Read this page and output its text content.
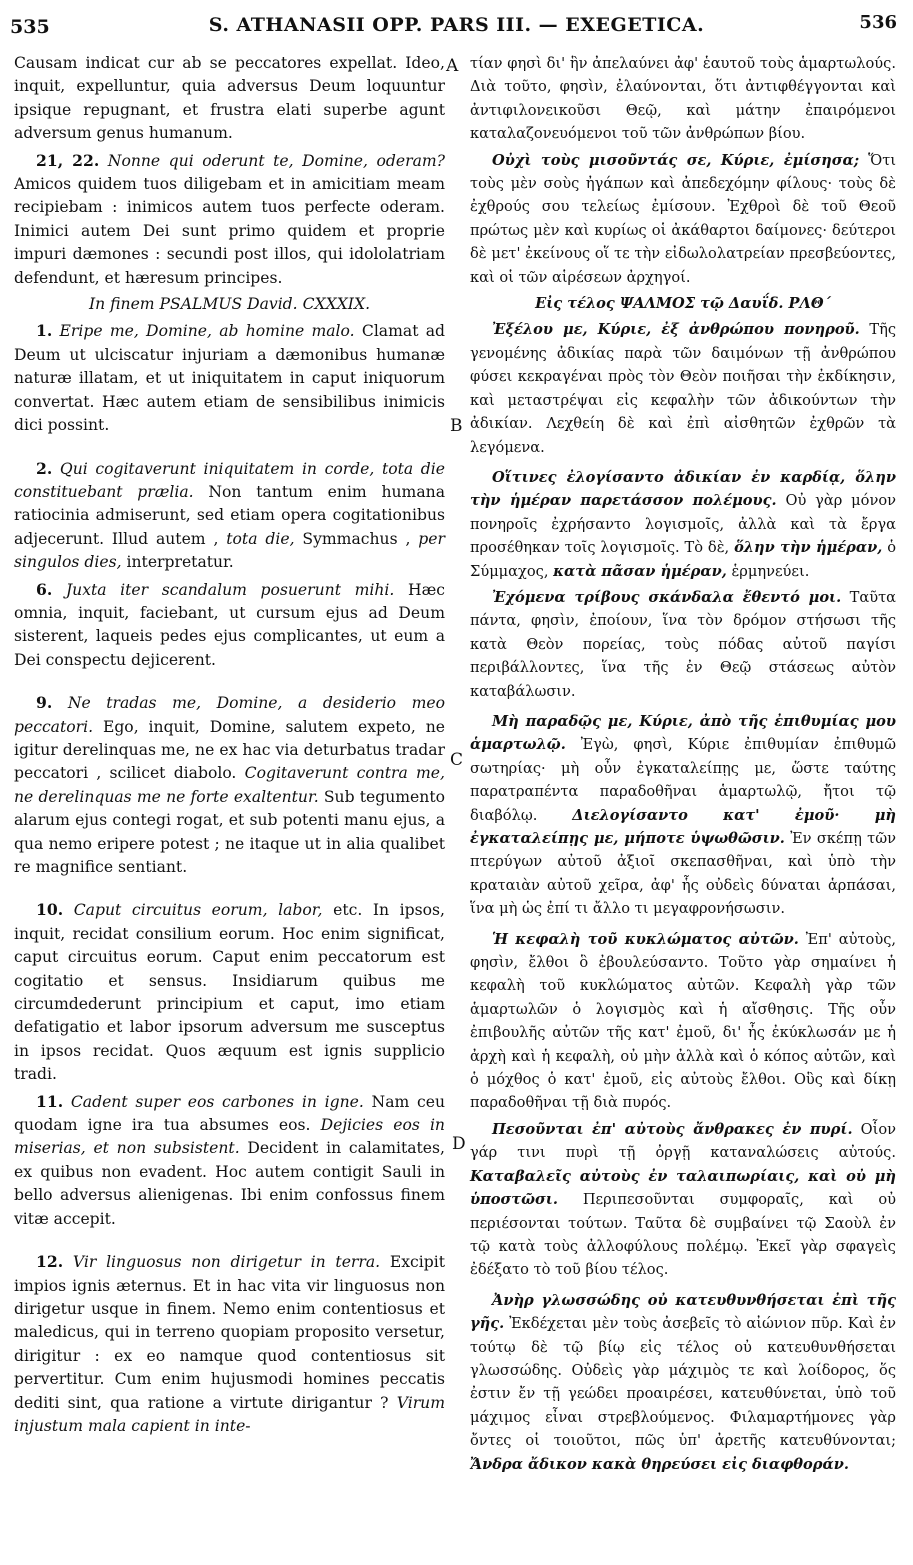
535	S. ATHANASII OPP. PARS III. — EXEGETICA.	536
A
B
C
D

Causam indicat cur ab se peccatores expellat. Ideo, inquit, expelluntur, quia adversus Deum loquuntur ipsique repugnant, et frustra elati superbe agunt adversum genus humanum.

21, 22. Nonne qui oderunt te, Domine, oderam? Amicos quidem tuos diligebam et in amicitiam meam recipiebam : inimicos autem tuos perfecte oderam. Inimici autem Dei sunt primo quidem et proprie impuri dæmones : secundi post illos, qui idololatriam defendunt, et hæresum principes.

In finem PSALMUS David. CXXXIX.

1. Eripe me, Domine, ab homine malo. Clamat ad Deum ut ulciscatur injuriam a dæmonibus humanæ naturæ illatam, et ut iniquitatem in caput iniquorum convertat. Hæc autem etiam de sensibilibus inimicis dici possint.

2. Qui cogitaverunt iniquitatem in corde, tota die constituebant prælia. Non tantum enim humana ratiocinia admiserunt, sed etiam opera cogitationibus adjecerunt. Illud autem , tota die, Symmachus , per singulos dies, interpretatur.

6. Juxta iter scandalum posuerunt mihi. Hæc omnia, inquit, faciebant, ut cursum ejus ad Deum sisterent, laqueis pedes ejus complicantes, ut eum a Dei conspectu dejicerent.

9. Ne tradas me, Domine, a desiderio meo peccatori. Ego, inquit, Domine, salutem expeto, ne igitur derelinquas me, ne ex hac via deturbatus tradar peccatori , scilicet diabolo. Cogitaverunt contra me, ne derelinquas me ne forte exaltentur. Sub tegumento alarum ejus contegi rogat, et sub potenti manu ejus, a qua nemo eripere potest ; ne itaque ut in alia qualibet re magnifice sentiant.

10. Caput circuitus eorum, labor, etc. In ipsos, inquit, recidat consilium eorum. Hoc enim significat, caput circuitus eorum. Caput enim peccatorum est cogitatio et sensus. Insidiarum quibus me circumdederunt principium et caput, imo etiam defatigatio et labor ipsorum adversum me susceptus in ipsos recidat. Quos æquum est ignis supplicio tradi.

11. Cadent super eos carbones in igne. Nam ceu quodam igne ira tua absumes eos. Dejicies eos in miserias, et non subsistent. Decident in calamitates, ex quibus non evadent. Hoc autem contigit Sauli in bello adversus alienigenas. Ibi enim confossus finem vitæ accepit.

12. Vir linguosus non dirigetur in terra. Excipit impios ignis æternus. Et in hac vita vir linguosus non dirigetur usque in finem. Nemo enim contentiosus et maledicus, qui in terreno quopiam proposito versetur, dirigitur : ex eo namque quod contentiosus sit pervertitur. Cum enim hujusmodi homines peccatis dediti sint, qua ratione a virtute dirigantur ? Virum injustum mala capient in inte-

τίαν φησὶ δι' ἣν ἀπελαύνει ἀφ' ἑαυτοῦ τοὺς ἁμαρτωλούς. Διὰ τοῦτο, φησὶν, ἐλαύνονται, ὅτι ἀντιφθέγγονται καὶ ἀντιφιλονεικοῦσι Θεῷ, καὶ μάτην ἐπαιρόμενοι καταλαζονευόμενοι τοῦ τῶν ἀνθρώπων βίου.

Οὐχὶ τοὺς μισοῦντάς σε, Κύριε, ἐμίσησα; Ὅτι τοὺς μὲν σοὺς ἠγάπων καὶ ἀπεδεχόμην φίλους· τοὺς δὲ ἐχθρούς σου τελείως ἐμίσουν. Ἐχθροὶ δὲ τοῦ Θεοῦ πρώτως μὲν καὶ κυρίως οἱ ἀκάθαρτοι δαίμονες· δεύτεροι δὲ μετ' ἐκείνους οἵ τε τὴν εἰδωλολατρείαν πρεσβεύοντες, καὶ οἱ τῶν αἱρέσεων ἀρχηγοί.

Εἰς τέλος ΨΑΛΜΟΣ τῷ Δαυΐδ. ΡΛΘ´

Ἐξέλου με, Κύριε, ἐξ ἀνθρώπου πονηροῦ. Τῆς γενομένης ἀδικίας παρὰ τῶν δαιμόνων τῇ ἀνθρώπου φύσει κεκραγέναι πρὸς τὸν Θεὸν ποιῆσαι τὴν ἐκδίκησιν, καὶ μεταστρέψαι εἰς κεφαλὴν τῶν ἀδικούντων τὴν ἀδικίαν. Λεχθείη δὲ καὶ ἐπὶ αἰσθητῶν ἐχθρῶν τὰ λεγόμενα.

Οἵτινες ἐλογίσαντο ἀδικίαν ἐν καρδίᾳ, ὅλην τὴν ἡμέραν παρετάσσον πολέμους. Οὐ γὰρ μόνον πονηροῖς ἐχρήσαντο λογισμοῖς, ἀλλὰ καὶ τὰ ἔργα προσέθηκαν τοῖς λογισμοῖς. Τὸ δὲ, ὅλην τὴν ἡμέραν, ὁ Σύμμαχος, κατὰ πᾶσαν ἡμέραν, ἑρμηνεύει.

Ἐχόμενα τρίβους σκάνδαλα ἔθεντό μοι. Ταῦτα πάντα, φησὶν, ἐποίουν, ἵνα τὸν δρόμον στήσωσι τῆς κατὰ Θεὸν πορείας, τοὺς πόδας αὐτοῦ παγίσι περιβάλλοντες, ἵνα τῆς ἐν Θεῷ στάσεως αὐτὸν καταβάλωσιν.

Μὴ παραδῷς με, Κύριε, ἀπὸ τῆς ἐπιθυμίας μου ἁμαρτωλῷ. Ἐγὼ, φησὶ, Κύριε ἐπιθυμίαν ἐπιθυμῶ σωτηρίας· μὴ οὖν ἐγκαταλείπῃς με, ὥστε ταύτης παρατραπέντα παραδοθῆναι ἁμαρτωλῷ, ἤτοι τῷ διαβόλῳ. Διελογίσαντο κατ' ἐμοῦ· μὴ ἐγκαταλείπῃς με, μήποτε ὑψωθῶσιν. Ἐν σκέπῃ τῶν πτερύγων αὐτοῦ ἀξιοῖ σκεπασθῆναι, καὶ ὑπὸ τὴν κραταιὰν αὐτοῦ χεῖρα, ἀφ' ἧς οὐδεὶς δύναται ἁρπάσαι, ἵνα μὴ ὡς ἐπί τι ἄλλο τι μεγαφρονήσωσιν.

Ἡ κεφαλὴ τοῦ κυκλώματος αὐτῶν. Ἐπ' αὐτοὺς, φησὶν, ἔλθοι ὃ ἐβουλεύσαντο. Τοῦτο γὰρ σημαίνει ἡ κεφαλὴ τοῦ κυκλώματος αὐτῶν. Κεφαλὴ γὰρ τῶν ἁμαρτωλῶν ὁ λογισμὸς καὶ ἡ αἴσθησις. Τῆς οὖν ἐπιβουλῆς αὐτῶν τῆς κατ' ἐμοῦ, δι' ἧς ἐκύκλωσάν με ἡ ἀρχὴ καὶ ἡ κεφαλὴ, οὐ μὴν ἀλλὰ καὶ ὁ κόπος αὐτῶν, καὶ ὁ μόχθος ὁ κατ' ἐμοῦ, εἰς αὐτοὺς ἔλθοι. Οὓς καὶ δίκῃ παραδοθῆναι τῇ διὰ πυρός.

Πεσοῦνται ἐπ' αὐτοὺς ἄνθρακες ἐν πυρί. Οἷον γάρ τινι πυρὶ τῇ ὀργῇ καταναλώσεις αὐτούς. Καταβαλεῖς αὐτοὺς ἐν ταλαιπωρίαις, καὶ οὐ μὴ ὑποστῶσι. Περιπεσοῦνται συμφοραῖς, καὶ οὐ περιέσονται τούτων. Ταῦτα δὲ συμβαίνει τῷ Σαοὺλ ἐν τῷ κατὰ τοὺς ἀλλοφύλους πολέμῳ. Ἐκεῖ γὰρ σφαγεὶς ἐδέξατο τὸ τοῦ βίου τέλος.

Ἀνὴρ γλωσσώδης οὐ κατευθυνθήσεται ἐπὶ τῆς γῆς. Ἐκδέχεται μὲν τοὺς ἀσεβεῖς τὸ αἰώνιον πῦρ. Καὶ ἐν τούτῳ δὲ τῷ βίῳ εἰς τέλος οὐ κατευθυνθήσεται γλωσσώδης. Οὐδεὶς γὰρ μάχιμὸς τε καὶ λοίδορος, ὅς ἐστιν ἔν τῇ γεώδει προαιρέσει, κατευθύνεται, ὑπὸ τοῦ μάχιμος εἶναι στρεβλούμενος. Φιλαμαρτήμονες γὰρ ὄντες οἱ τοιοῦτοι, πῶς ὑπ' ἀρετῆς κατευθύνονται; Ἄνδρα ἄδικον κακὰ θηρεύσει εἰς διαφθοράν.
